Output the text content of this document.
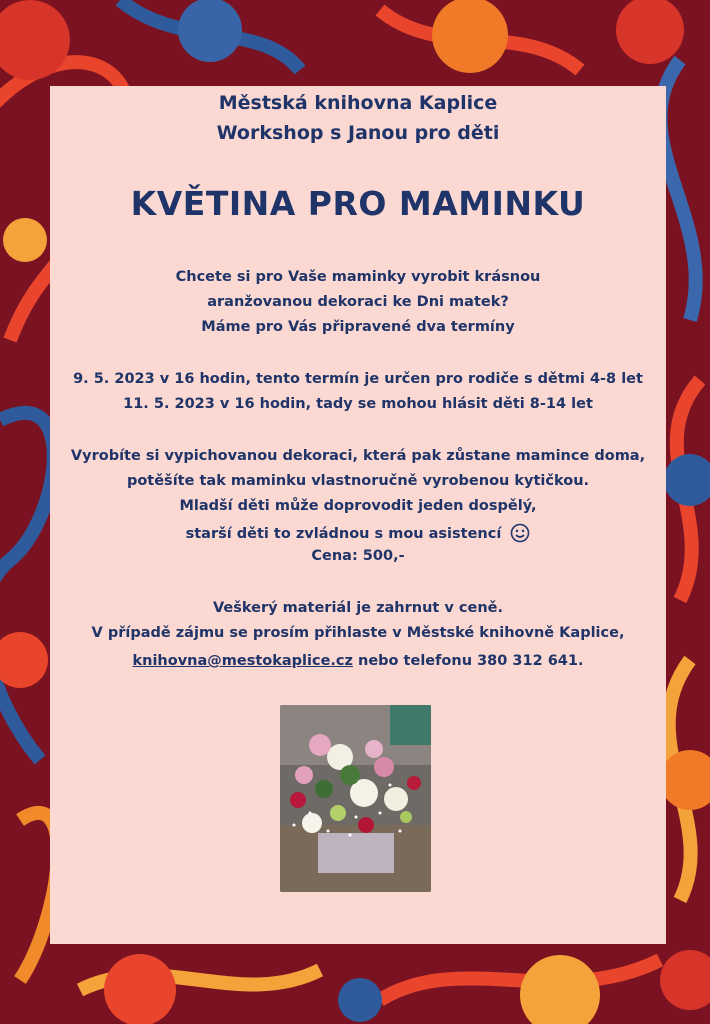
Městská knihovna Kaplice
Workshop s Janou pro děti
KVĚTINA PRO MAMINKU
Chcete si pro Vaše maminky vyrobit krásnou
aranžovanou dekoraci ke Dni matek?
Máme pro Vás připravené dva termíny
9. 5. 2023 v 16 hodin, tento termín je určen pro rodiče s dětmi 4-8 let
11. 5. 2023 v 16 hodin, tady se mohou hlásit děti 8-14 let
Vyrobíte si vypichovanou dekoraci, která pak zůstane mamince doma,
potěšíte tak maminku vlastnoručně vyrobenou kytičkou.
Mladší děti může doprovodit jeden dospělý,
starší děti to zvládnou s mou asistencí
Cena: 500,-
Veškerý materiál je zahrnut v ceně.
V případě zájmu se prosím přihlaste v Městské knihovně Kaplice,
knihovna@mestokaplice.cz nebo telefonu 380 312 641.
